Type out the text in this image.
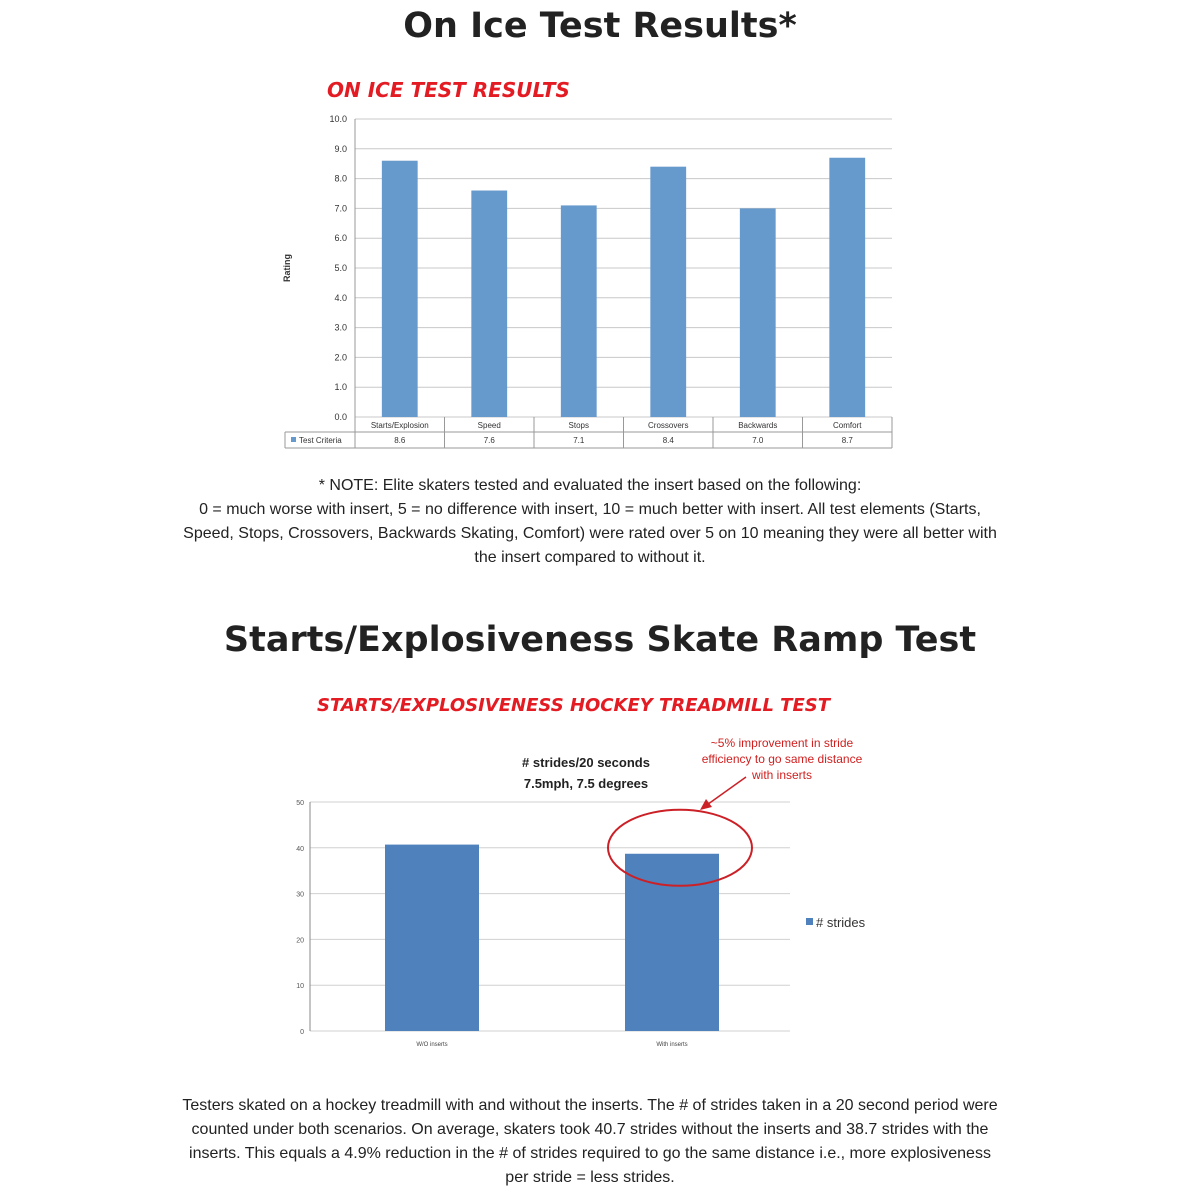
On Ice Test Results*
ON ICE TEST RESULTS
0.0
1.0
2.0
3.0
4.0
5.0
6.0
7.0
8.0
9.0
10.0
Rating
Test Criteria
Starts/Explosion
8.6
Speed
7.6
Stops
7.1
Crossovers
8.4
Backwards
7.0
Comfort
8.7
* NOTE: Elite skaters tested and evaluated the insert based on the following:
0 = much worse with insert, 5 = no difference with insert, 10 = much better with insert. All test elements (Starts,
Speed, Stops, Crossovers, Backwards Skating, Comfort) were rated over 5 on 10 meaning they were all better with
the insert compared to without it.
Starts/Explosiveness Skate Ramp Test
STARTS/EXPLOSIVENESS HOCKEY TREADMILL TEST
# strides/20 seconds
7.5mph, 7.5 degrees
~5% improvement in stride
efficiency to go same distance
with inserts
0
10
20
30
40
50
W/O inserts	With inserts
# strides
Testers skated on a hockey treadmill with and without the inserts. The # of strides taken in a 20 second period were
counted under both scenarios. On average, skaters took 40.7 strides without the inserts and 38.7 strides with the
inserts. This equals a 4.9% reduction in the # of strides required to go the same distance i.e., more explosiveness
per stride = less strides.
